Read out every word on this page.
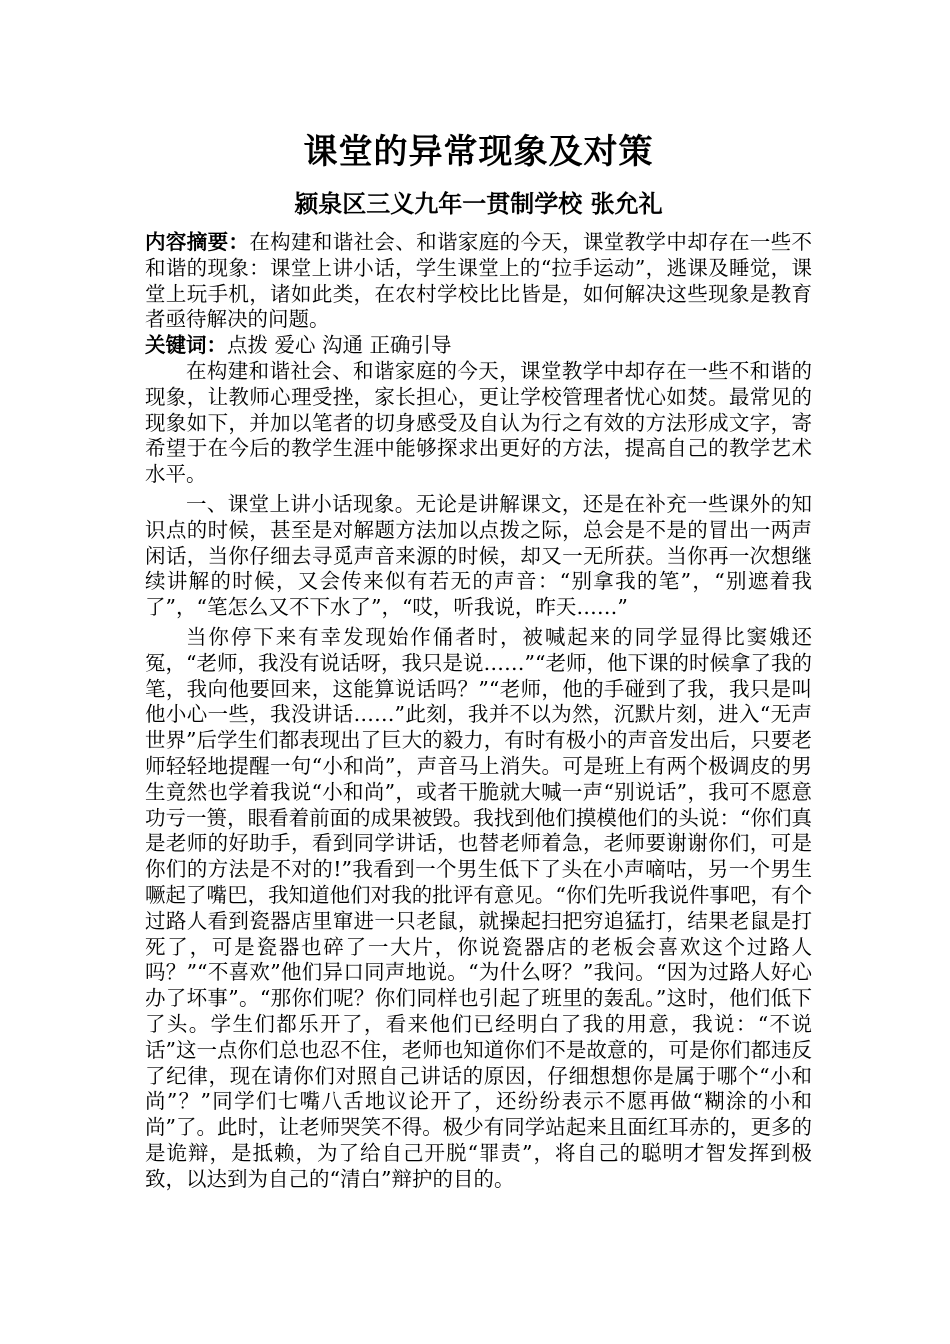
课堂的异常现象及对策
颍泉区三义九年一贯制学校 张允礼

内容摘要：在构建和谐社会、和谐家庭的今天，课堂教学中却存在一些不和谐的现象：课堂上讲小话，学生课堂上的“拉手运动”，逃课及睡觉，课堂上玩手机，诸如此类，在农村学校比比皆是，如何解决这些现象是教育者亟待解决的问题。

关键词：点拨 爱心 沟通 正确引导

在构建和谐社会、和谐家庭的今天，课堂教学中却存在一些不和谐的现象，让教师心理受挫，家长担心，更让学校管理者忧心如焚。最常见的现象如下，并加以笔者的切身感受及自认为行之有效的方法形成文字，寄希望于在今后的教学生涯中能够探求出更好的方法，提高自己的教学艺术水平。

一、课堂上讲小话现象。无论是讲解课文，还是在补充一些课外的知识点的时候，甚至是对解题方法加以点拨之际，总会是不是的冒出一两声闲话，当你仔细去寻觅声音来源的时候，却又一无所获。当你再一次想继续讲解的时候，又会传来似有若无的声音：“别拿我的笔”，“别遮着我了”，“笔怎么又不下水了”，“哎，听我说，昨天……”

当你停下来有幸发现始作俑者时，被喊起来的同学显得比窦娥还冤，“老师，我没有说话呀，我只是说……”“老师，他下课的时候拿了我的笔，我向他要回来，这能算说话吗？”“老师，他的手碰到了我，我只是叫他小心一些，我没讲话……”此刻，我并不以为然，沉默片刻，进入“无声世界”后学生们都表现出了巨大的毅力，有时有极小的声音发出后，只要老师轻轻地提醒一句“小和尚”，声音马上消失。可是班上有两个极调皮的男生竟然也学着我说“小和尚”，或者干脆就大喊一声“别说话”，我可不愿意功亏一篑，眼看着前面的成果被毁。我找到他们摸模他们的头说：“你们真是老师的好助手，看到同学讲话，也替老师着急，老师要谢谢你们，可是你们的方法是不对的!”我看到一个男生低下了头在小声嘀咕，另一个男生噘起了嘴巴，我知道他们对我的批评有意见。“你们先听我说件事吧，有个过路人看到瓷器店里窜进一只老鼠，就操起扫把穷追猛打，结果老鼠是打死了，可是瓷器也碎了一大片，你说瓷器店的老板会喜欢这个过路人吗？”“不喜欢”他们异口同声地说。“为什么呀？”我问。“因为过路人好心办了坏事”。“那你们呢？你们同样也引起了班里的轰乱。”这时，他们低下了头。学生们都乐开了，看来他们已经明白了我的用意，我说：“不说话”这一点你们总也忍不住，老师也知道你们不是故意的，可是你们都违反了纪律，现在请你们对照自己讲话的原因，仔细想想你是属于哪个“小和尚”？”同学们七嘴八舌地议论开了，还纷纷表示不愿再做“糊涂的小和尚”了。此时，让老师哭笑不得。极少有同学站起来且面红耳赤的，更多的是诡辩，是抵赖，为了给自己开脱“罪责”，将自己的聪明才智发挥到极致，以达到为自己的“清白”辩护的目的。
